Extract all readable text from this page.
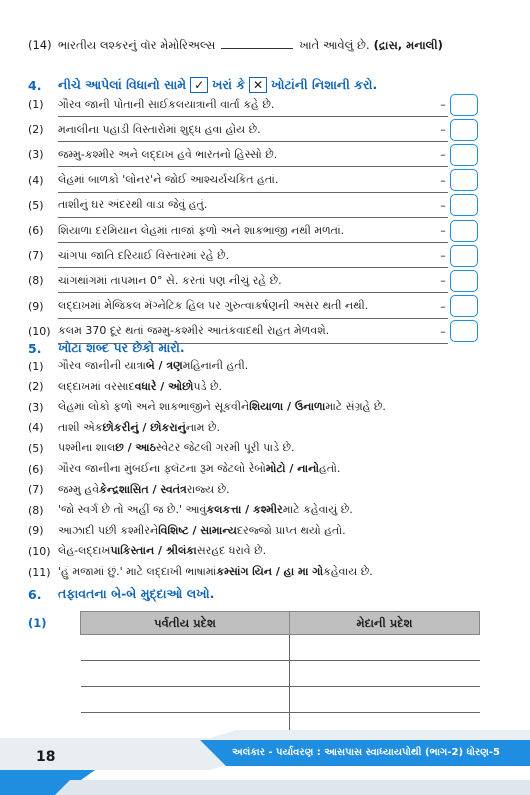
(14) ભારતીય લશ્કરનું વૉર મેમોરિઅલ્સ	ખાતે આવેલું છે. (દ્રાસ, મનાલી)
4.	નીચે આપેલાં વિધાનો સામે ✓ ખરાં કે ✕ ખોટાંની નિશાની કરો.
(1)	ગૌરવ જાની પોતાની સાઈકલયાત્રાની વાર્તા કહે છે.	–
(2)	મનાલીના પહાડી વિસ્તારોમાં શુદ્ધ હવા હોય છે.	–
(3)	જમ્મુ-કશ્મીર અને લદ્દાખ હવે ભારતનો હિસ્સો છે.	–
(4)	લેહમાં બાળકો 'લોનર'ને જોઈ આશ્ચર્યચકિત હતાં.	–
(5)	તાશીનું ઘર અંદરથી વાડા જેવું હતું.	–
(6)	શિયાળા દરમિયાન લેહમાં તાજાં ફળો અને શાકભાજી નથી મળતાં.	–
(7)	ચાંગપા જાતિ દરિયાઈ વિસ્તારમાં રહે છે.	–
(8)	ચાંગથાંગમાં તાપમાન 0° સે. કરતાં પણ નીચું રહે છે.	–
(9)	લદ્દાખમાં મેજિકલ મૅગ્નેટિક હિલ પર ગુરુત્વાકર્ષણની અસર થતી નથી.	–
(10) કલમ 370 દૂર થતાં જમ્મુ-કશ્મીર આતંકવાદથી રાહત મેળવશે.	–
5.	ખોટા શબ્દ પર છેકો મારો.
(1)	ગૌરવ જાનીની યાત્રા બે / ત્રણ મહિનાની હતી.
(2)	લદ્દાખમાં વરસાદ વધારે / ઓછો પડે છે.
(3)	લેહમાં લોકો ફળો અને શાકભાજીને સૂકવીને શિયાળા / ઉનાળા માટે સંગ્રહે છે.
(4)	તાશી એક છોકરીનું / છોકરાનું નામ છે.
(5)	પશ્મીના શાલ છ / આઠ સ્વેટર જેટલી ગરમી પૂરી પાડે છે.
(6)	ગૌરવ જાનીના મુંબઈના ફ્લૅટના રૂમ જેટલો રેબો મોટો / નાનો હતો.
(7)	જમ્મુ હવે કેન્દ્રશાસિત / સ્વતંત્ર રાજ્ય છે.
(8)	'જો સ્વર્ગ છે તો અહીં જ છે.' આવું કલકત્તા / કશ્મીર માટે કહેવાયું છે.
(9)	આઝાદી પછી કશ્મીરને વિશિષ્ટ / સામાન્ય દરજ્જો પ્રાપ્ત થયો હતો.
(10) લેહ-લદ્દાખ પાકિસ્તાન / શ્રીલંકા સરહદ ધરાવે છે.
(11) 'હું મજામાં છું.' માટે લદ્દાખી ભાષામાં કમ્સાંગ યિન / હા મા ગો કહેવાય છે.
6.	તફાવતના બે-બે મુદ્દાઓ લખો.
(1)	પર્વતીય પ્રદેશ	મેદાની પ્રદેશ

18	અલંકાર - પર્યાવરણ : આસપાસ સ્વાધ્યાયપોથી (ભાગ-2) ધોરણ-5
